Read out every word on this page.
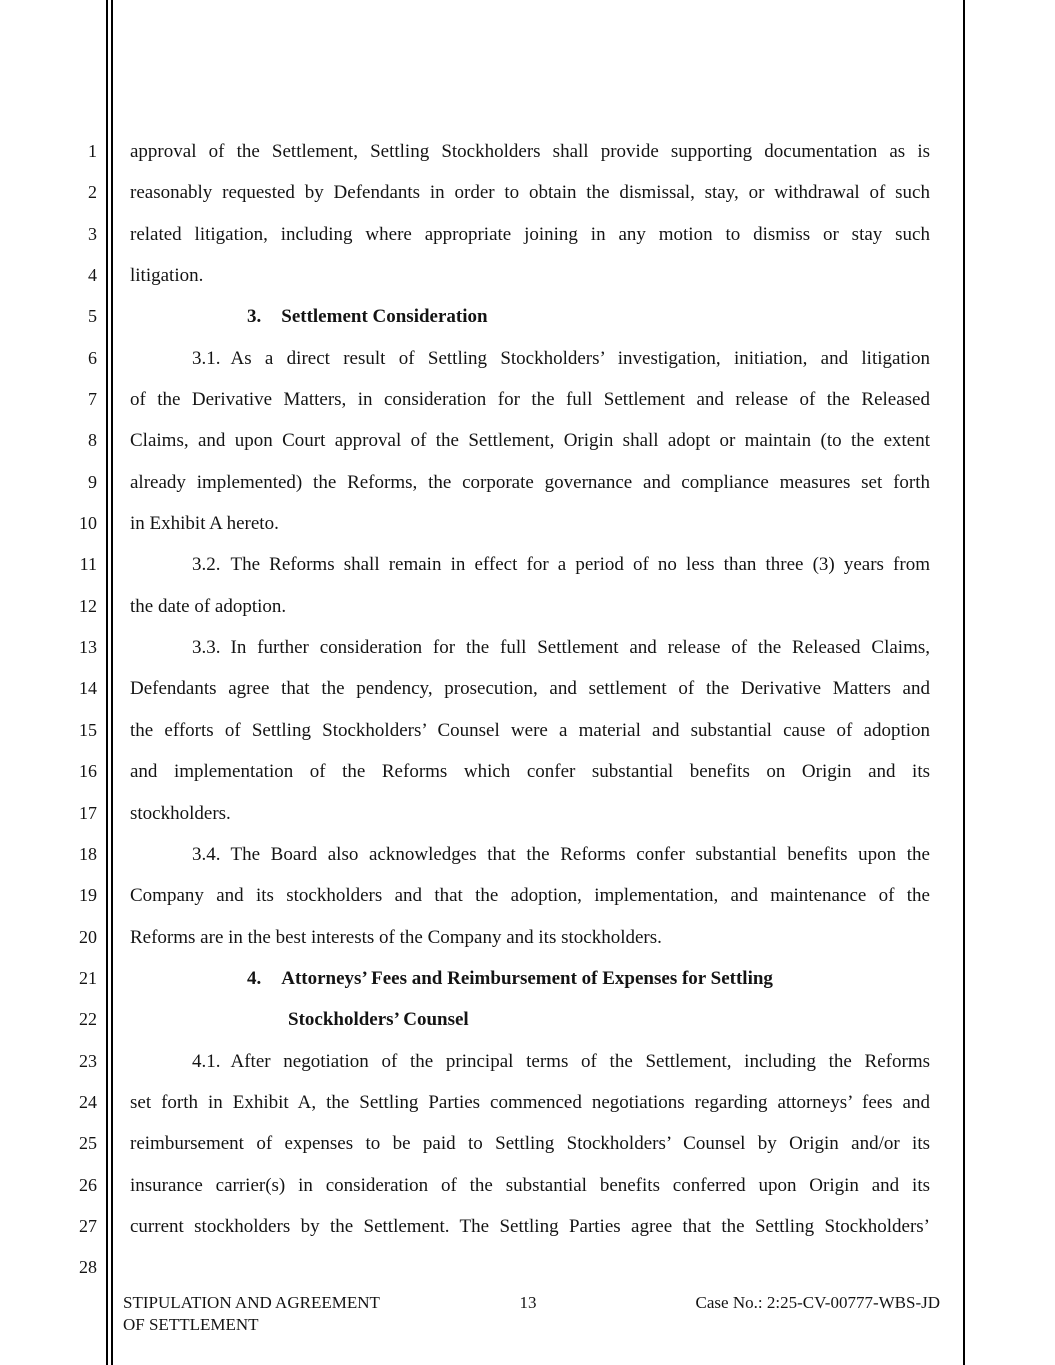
1 approval of the Settlement, Settling Stockholders shall provide supporting documentation as is
2 reasonably requested by Defendants in order to obtain the dismissal, stay, or withdrawal of such
3 related litigation, including where appropriate joining in any motion to dismiss or stay such
4 litigation.
5	3. Settlement Consideration
6	3.1. As a direct result of Settling Stockholders’ investigation, initiation, and litigation
7 of the Derivative Matters, in consideration for the full Settlement and release of the Released
8 Claims, and upon Court approval of the Settlement, Origin shall adopt or maintain (to the extent
9 already implemented) the Reforms, the corporate governance and compliance measures set forth
10 in Exhibit A hereto.
11	3.2. The Reforms shall remain in effect for a period of no less than three (3) years from
12 the date of adoption.
13	3.3. In further consideration for the full Settlement and release of the Released Claims,
14 Defendants agree that the pendency, prosecution, and settlement of the Derivative Matters and
15 the efforts of Settling Stockholders’ Counsel were a material and substantial cause of adoption
16 and implementation of the Reforms which confer substantial benefits on Origin and its
17 stockholders.
18	3.4. The Board also acknowledges that the Reforms confer substantial benefits upon the
19 Company and its stockholders and that the adoption, implementation, and maintenance of the
20 Reforms are in the best interests of the Company and its stockholders.
21	4. Attorneys’ Fees and Reimbursement of Expenses for Settling
22	Stockholders’ Counsel
23	4.1. After negotiation of the principal terms of the Settlement, including the Reforms
24 set forth in Exhibit A, the Settling Parties commenced negotiations regarding attorneys’ fees and
25 reimbursement of expenses to be paid to Settling Stockholders’ Counsel by Origin and/or its
26 insurance carrier(s) in consideration of the substantial benefits conferred upon Origin and its
27 current stockholders by the Settlement. The Settling Parties agree that the Settling Stockholders’
28
STIPULATION AND AGREEMENT
OF SETTLEMENT
13	Case No.: 2:25-CV-00777-WBS-JD
